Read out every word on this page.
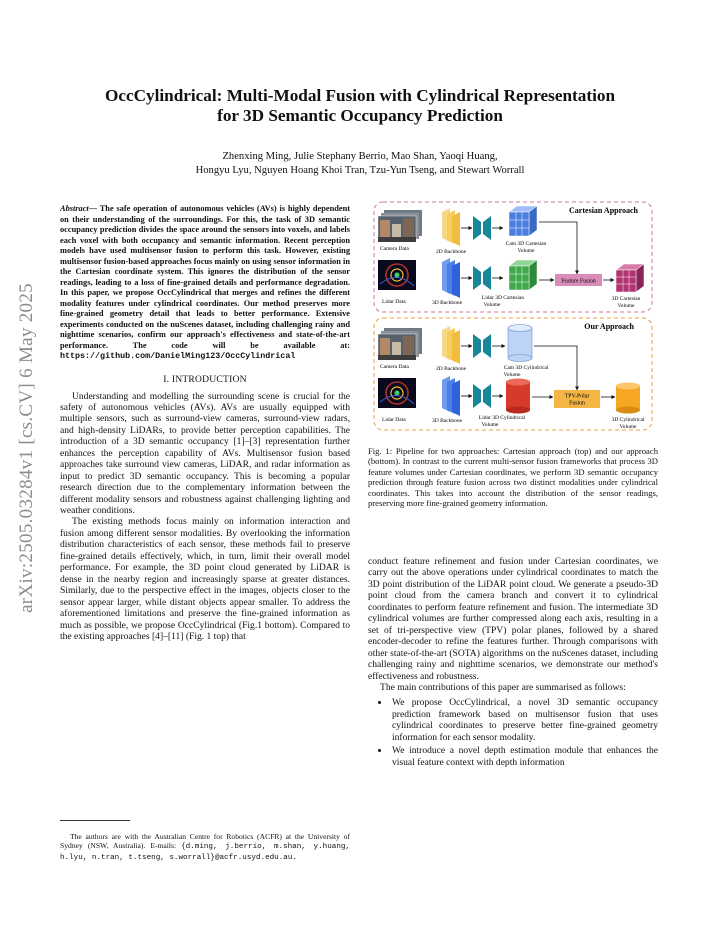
arXiv:2505.03284v1 [cs.CV] 6 May 2025
OccCylindrical: Multi-Modal Fusion with Cylindrical Representation
for 3D Semantic Occupancy Prediction
Zhenxing Ming, Julie Stephany Berrio, Mao Shan, Yaoqi Huang,
Hongyu Lyu, Nguyen Hoang Khoi Tran, Tzu-Yun Tseng, and Stewart Worrall

Abstract— The safe operation of autonomous vehicles (AVs) is highly dependent on their understanding of the surroundings. For this, the task of 3D semantic occupancy prediction divides the space around the sensors into voxels, and labels each voxel with both occupancy and semantic information. Recent perception models have used multisensor fusion to perform this task. However, existing multisensor fusion-based approaches focus mainly on using sensor information in the Cartesian coordinate system. This ignores the distribution of the sensor readings, leading to a loss of fine-grained details and performance degradation. In this paper, we propose OccCylindrical that merges and refines the different modality features under cylindrical coordinates. Our method preserves more fine-grained geometry detail that leads to better performance. Extensive experiments conducted on the nuScenes dataset, including challenging rainy and nighttime scenarios, confirm our approach's effectiveness and state-of-the-art performance. The code will be available at: https://github.com/DanielMing123/OccCylindrical

I. INTRODUCTION

Understanding and modelling the surrounding scene is crucial for the safety of autonomous vehicles (AVs). AVs are usually equipped with multiple sensors, such as surround-view cameras, surround-view radars, and high-density LiDARs, to provide better perception capabilities. The introduction of a 3D semantic occupancy [1]–[3] representation further enhances the perception capability of AVs. Multisensor fusion based approaches take surround view cameras, LiDAR, and radar information as input to predict 3D semantic occupancy. This is becoming a popular research direction due to the complementary information between the different modality sensors and robustness against challenging lighting and weather conditions.

The existing methods focus mainly on information interaction and fusion among different sensor modalities. By overlooking the information distribution characteristics of each sensor, these methods fail to preserve fine-grained details effectively, which, in turn, limit their overall model performance. For example, the 3D point cloud generated by LiDAR is dense in the nearby region and increasingly sparse at greater distances. Similarly, due to the perspective effect in the images, objects closer to the sensor appear larger, while distant objects appear smaller. To address the aforementioned limitations and preserve the fine-grained information as much as possible, we propose OccCylindrical (Fig.1 bottom). Compared to the existing approaches [4]–[11] (Fig. 1 top) that

The authors are with the Australian Centre for Robotics (ACFR) at the University of Sydney (NSW, Australia). E-mails: {d.ming, j.berrio, m.shan, y.huang, h.lyu, n.tran, t.tseng, s.worrall}@acfr.usyd.edu.au.

Cartesian Approach
Camera Data	2D Backbone
Cam 3D Cartesian Volume
Lidar Data	3D Backbone
Lidar 3D Cartesian Volume
Feature Fusion
3D Cartesian Volume
Our Approach
Camera Data	2D Backbone	Cam 3D Cylindrical Volume
Lidar Data	3D Backbone	Lidar 3D Cylindrical Volume
TPV-Polar Fusion
3D Cylindrical Volume

Fig. 1: Pipeline for two approaches: Cartesian approach (top) and our approach (bottom). In contrast to the current multi-sensor fusion frameworks that process 3D feature volumes under Cartesian coordinates, we perform 3D semantic occupancy prediction through feature fusion across two distinct modalities under cylindrical coordinates. This takes into account the distribution of the sensor readings, preserving more fine-grained geometry information.

conduct feature refinement and fusion under Cartesian coordinates, we carry out the above operations under cylindrical coordinates to match the 3D point distribution of the LiDAR point cloud. We generate a pseudo-3D point cloud from the camera branch and convert it to cylindrical coordinates to perform feature refinement and fusion. The intermediate 3D cylindrical volumes are further compressed along each axis, resulting in a set of tri-perspective view (TPV) polar planes, followed by a shared encoder-decoder to refine the features further. Through comparisons with other state-of-the-art (SOTA) algorithms on the nuScenes dataset, including challenging rainy and nighttime scenarios, we demonstrate our method's effectiveness and robustness.

The main contributions of this paper are summarised as follows:

• We propose OccCylindrical, a novel 3D semantic occupancy prediction framework based on multisensor fusion that uses cylindrical coordinates to preserve better fine-grained geometry information for each sensor modality.
• We introduce a novel depth estimation module that enhances the visual feature context with depth information
